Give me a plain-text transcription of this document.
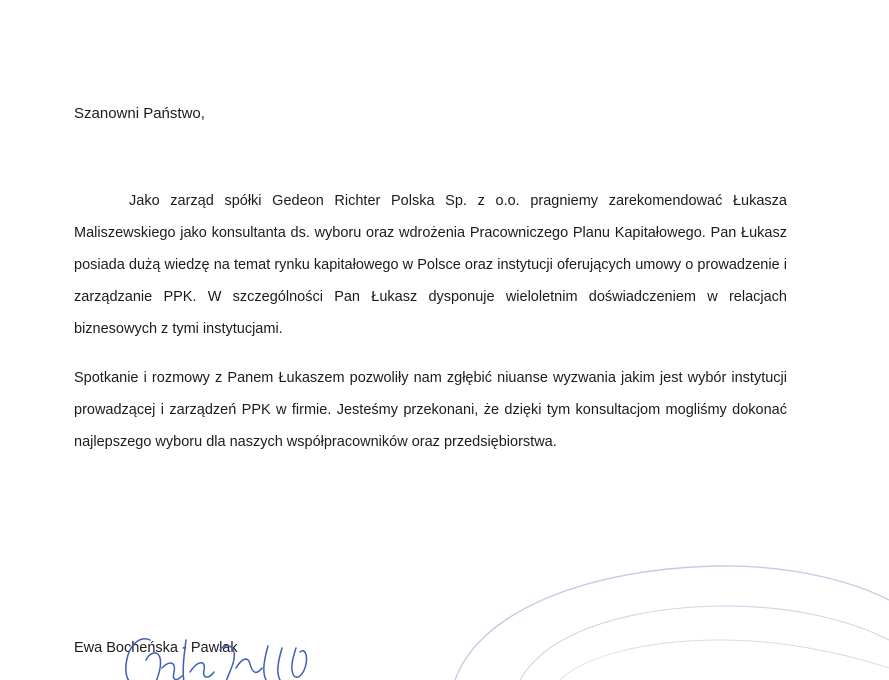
Szanowni Państwo,

Jako zarząd spółki Gedeon Richter Polska Sp. z o.o. pragniemy zarekomendować Łukasza Maliszewskiego jako konsultanta ds. wyboru oraz wdrożenia Pracowniczego Planu Kapitałowego. Pan Łukasz posiada dużą wiedzę na temat rynku kapitałowego w Polsce oraz instytucji oferujących umowy o prowadzenie i zarządzanie PPK. W szczególności Pan Łukasz dysponuje wieloletnim doświadczeniem w relacjach biznesowych z tymi instytucjami.

Spotkanie i rozmowy z Panem Łukaszem pozwoliły nam zgłębić niuanse wyzwania jakim jest wybór instytucji prowadzącej i zarządzeń PPK w firmie. Jesteśmy przekonani, że dzięki tym konsultacjom mogliśmy dokonać najlepszego wyboru dla naszych współpracowników oraz przedsiębiorstwa.

Ewa Bocheńska - Pawlak
